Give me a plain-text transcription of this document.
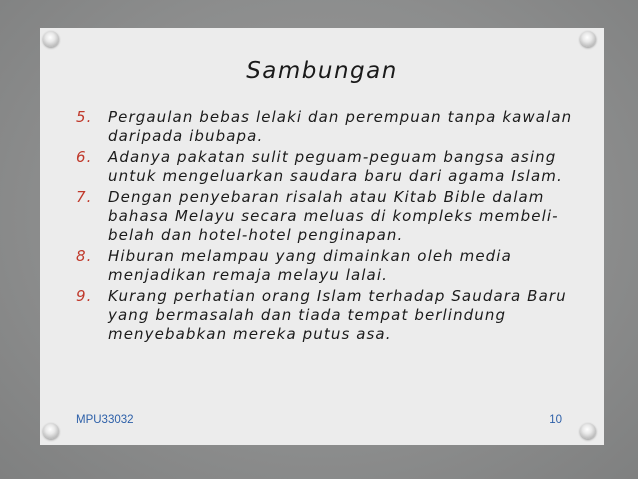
Sambungan
5. Pergaulan bebas lelaki dan perempuan tanpa kawalan daripada ibubapa.
6. Adanya pakatan sulit peguam-peguam bangsa asing untuk mengeluarkan saudara baru dari agama Islam.
7. Dengan penyebaran risalah atau Kitab Bible dalam bahasa Melayu secara meluas di kompleks membeli-belah dan hotel-hotel penginapan.
8. Hiburan melampau yang dimainkan oleh media menjadikan remaja melayu lalai.
9. Kurang perhatian orang Islam terhadap Saudara Baru yang bermasalah dan tiada tempat berlindung menyebabkan mereka putus asa.
MPU33032	10
